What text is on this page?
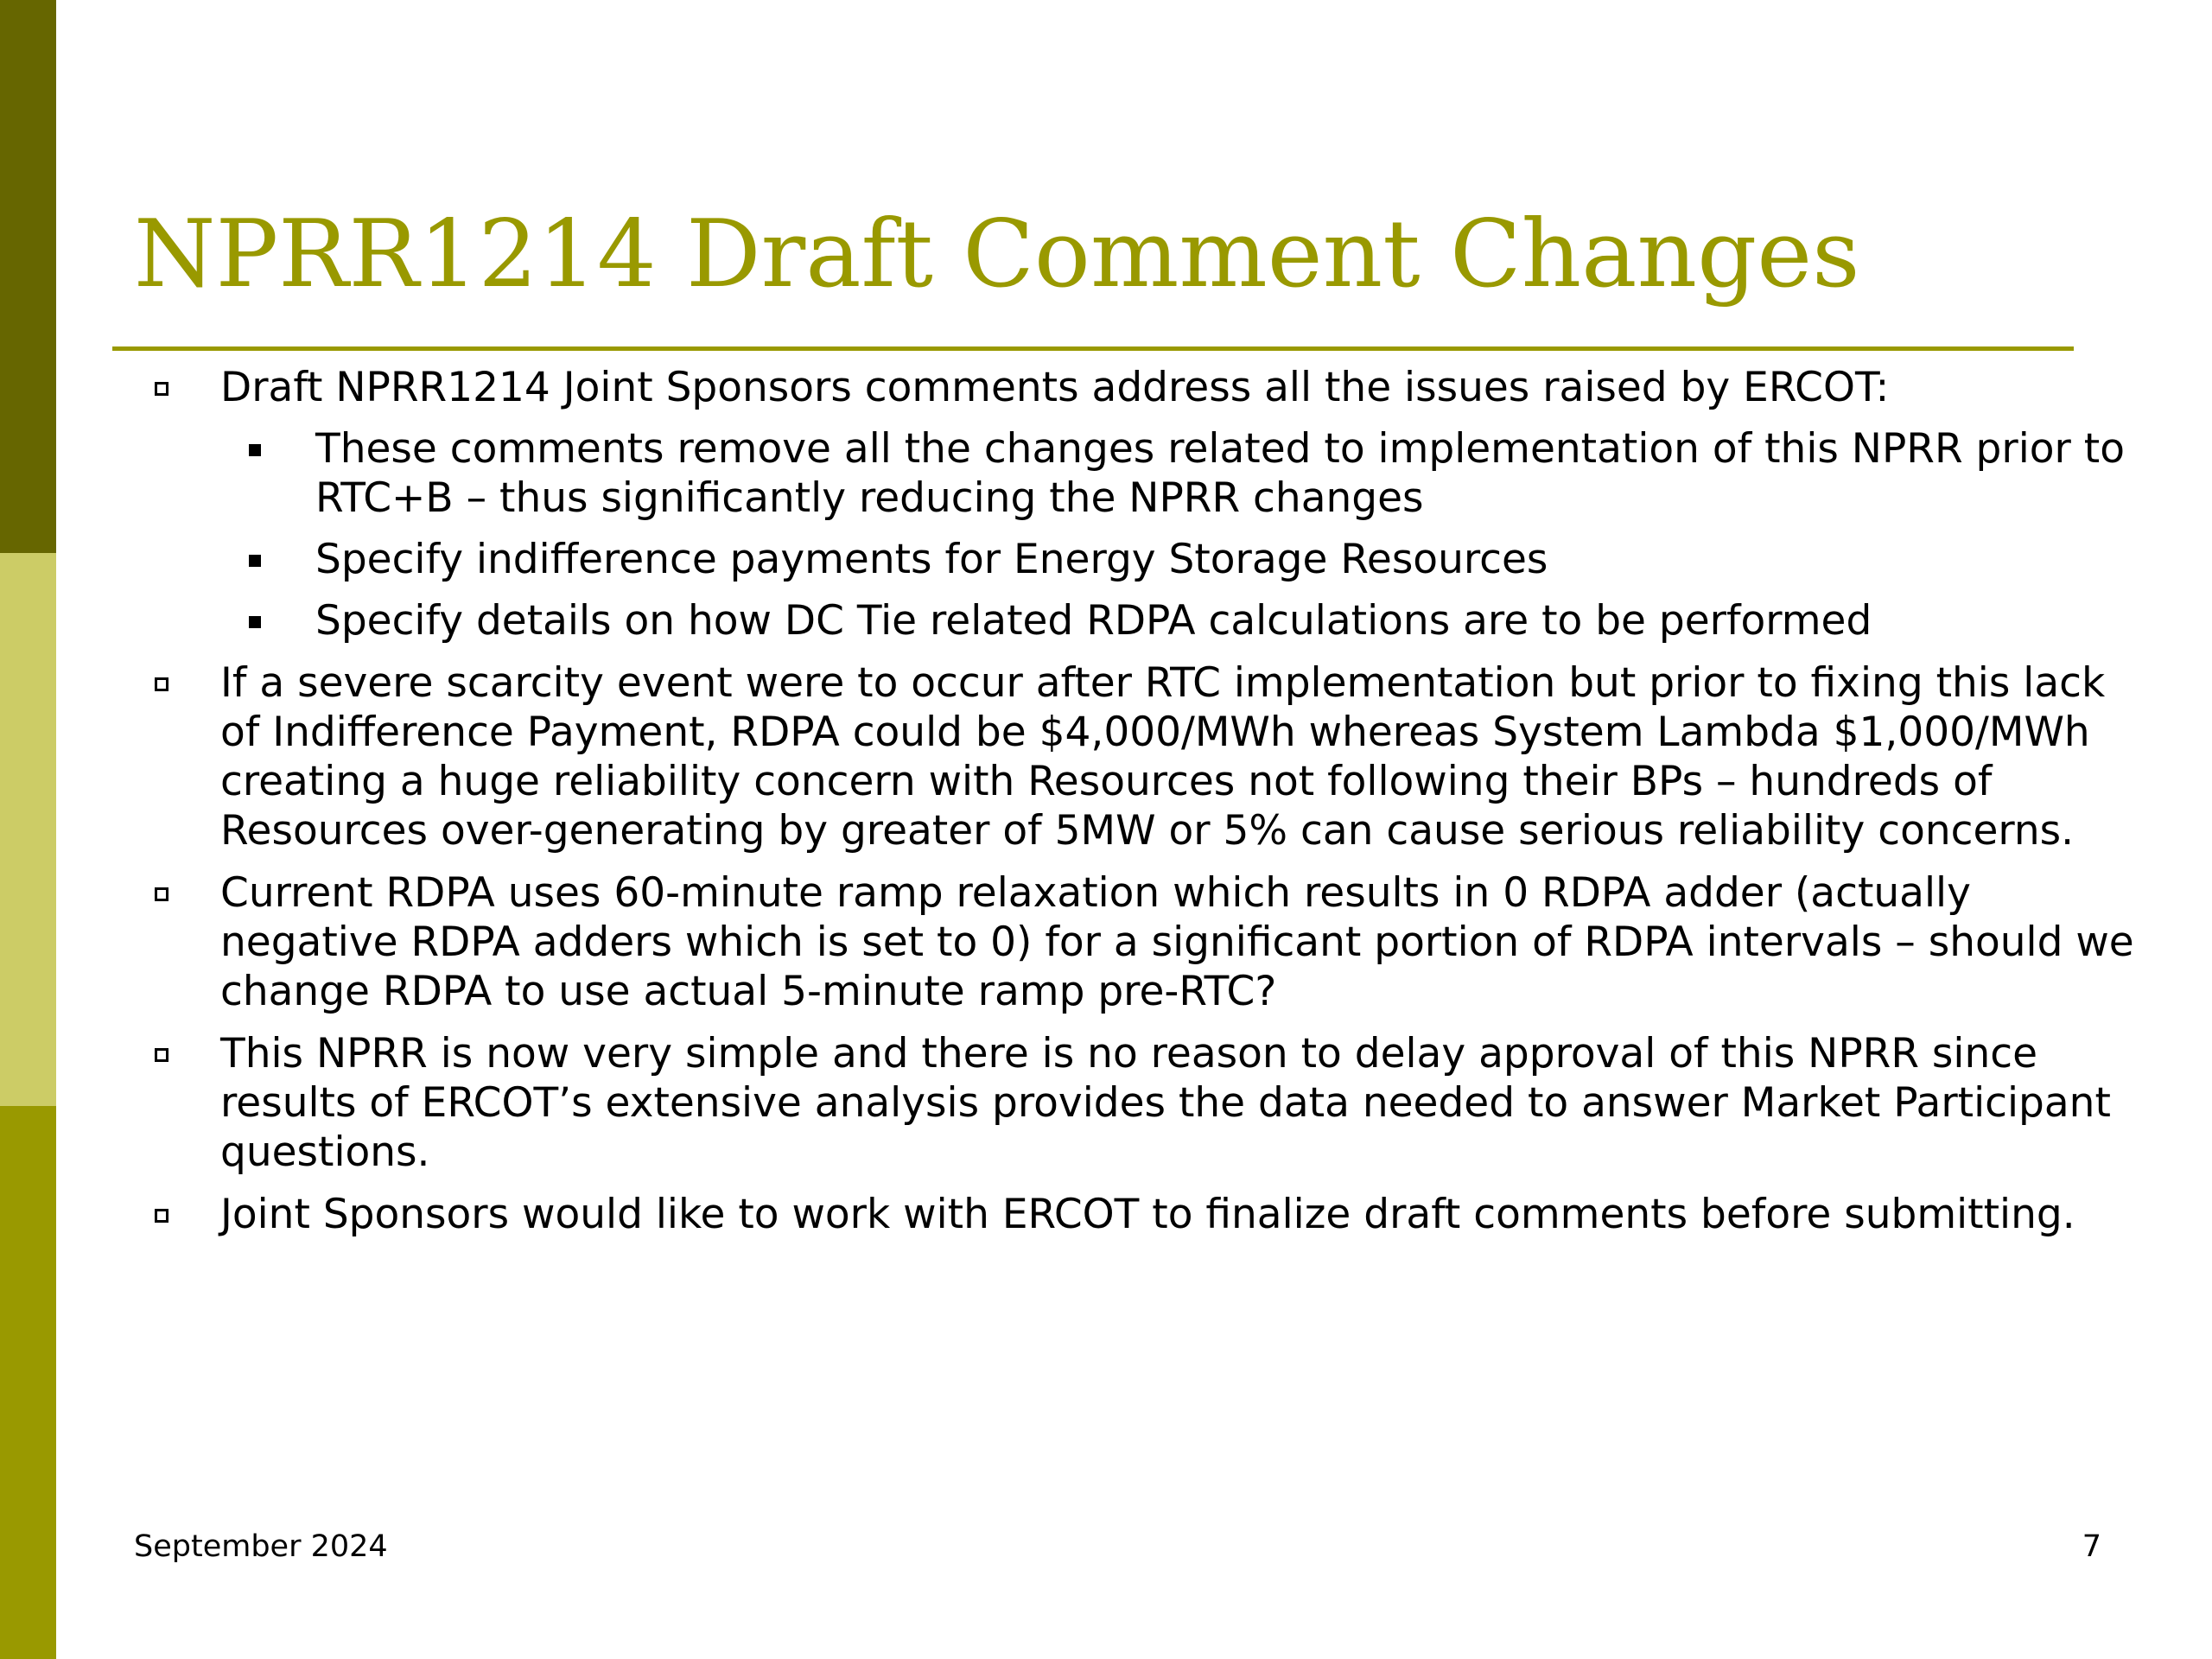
NPRR1214 Draft Comment Changes
Draft NPRR1214 Joint Sponsors comments address all the issues raised by ERCOT:
These comments remove all the changes related to implementation of this NPRR prior to RTC+B – thus significantly reducing the NPRR changes
Specify indifference payments for Energy Storage Resources
Specify details on how DC Tie related RDPA calculations are to be performed
If a severe scarcity event were to occur after RTC implementation but prior to fixing this lack of Indifference Payment, RDPA could be $4,000/MWh whereas System Lambda $1,000/MWh creating a huge reliability concern with Resources not following their BPs – hundreds of Resources over-generating by greater of 5MW or 5% can cause serious reliability concerns.
Current RDPA uses 60-minute ramp relaxation which results in 0 RDPA adder (actually negative RDPA adders which is set to 0) for a significant portion of RDPA intervals – should we change RDPA to use actual 5-minute ramp pre-RTC?
This NPRR is now very simple and there is no reason to delay approval of this NPRR since results of ERCOT’s extensive analysis provides the data needed to answer Market Participant questions.
Joint Sponsors would like to work with ERCOT to finalize draft comments before submitting.
September 2024	7
